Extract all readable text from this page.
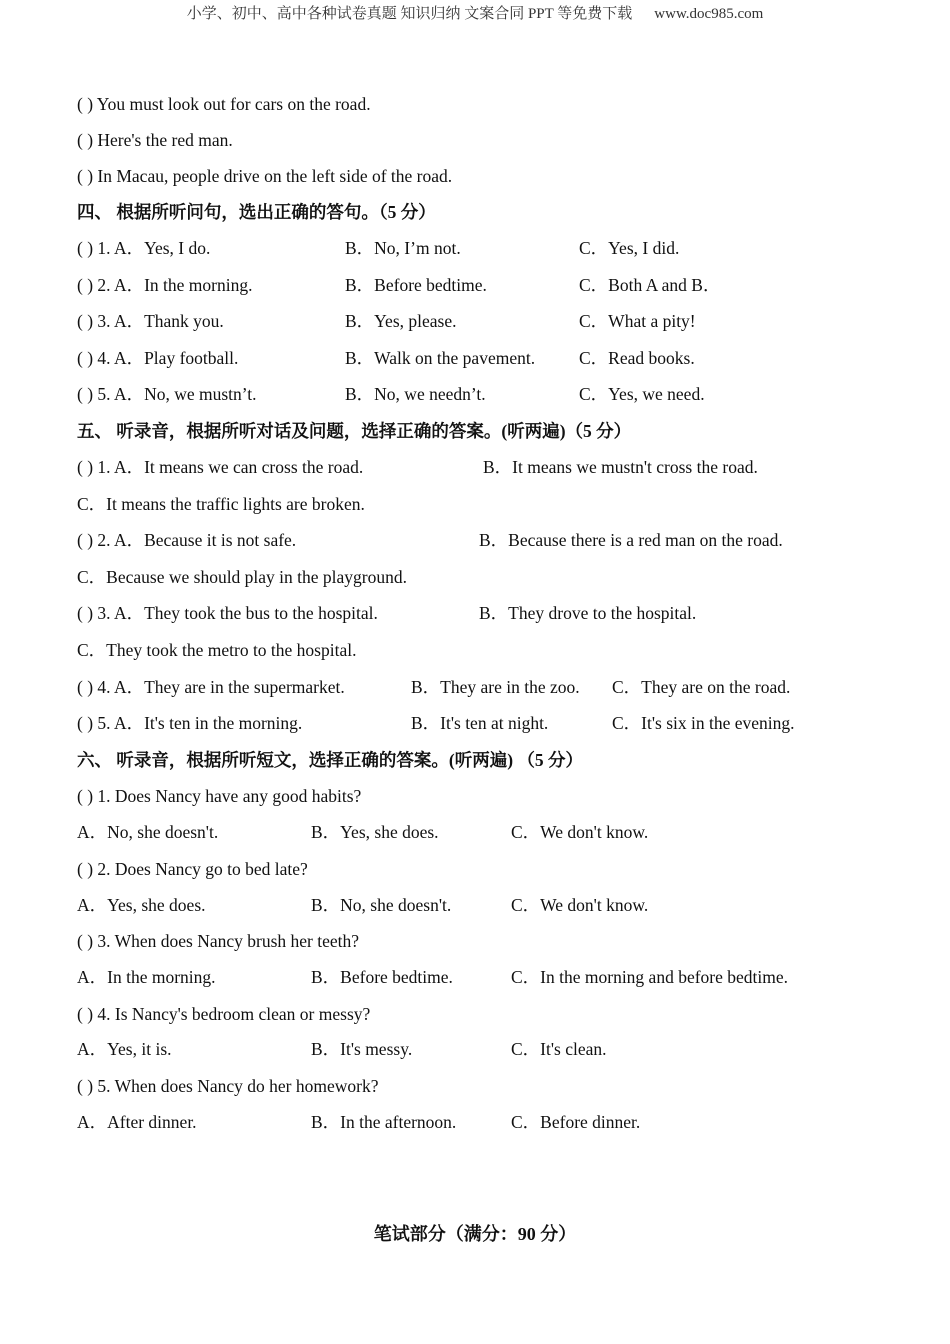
小学、初中、高中各种试卷真题 知识归纳 文案合同 PPT 等免费下载 www.doc985.com
( ) You must look out for cars on the road.
( ) Here's the red man.
( ) In Macau, people drive on the left side of the road.
四、 根据所听问句，选出正确的答句。（5 分）
( ) 1. A．Yes, I do.	B．No, I’m not.	C．Yes, I did.
( ) 2. A．In the morning.	B．Before bedtime.	C．Both A and B．
( ) 3. A．Thank you.	B．Yes, please.	C．What a pity!
( ) 4. A．Play football.	B．Walk on the pavement.	C．Read books.
( ) 5. A．No, we mustn’t.	B．No, we needn’t.	C．Yes, we need.
五、 听录音，根据所听对话及问题，选择正确的答案。(听两遍)（5 分）
( ) 1. A．It means we can cross the road.	B．It means we mustn't cross the road.
C．It means the traffic lights are broken.
( ) 2. A．Because it is not safe.	B．Because there is a red man on the road.
C．Because we should play in the playground.
( ) 3. A．They took the bus to the hospital.	B．They drove to the hospital.
C．They took the metro to the hospital.
( ) 4. A．They are in the supermarket.	B．They are in the zoo. C．They are on the road.
( ) 5. A．It's ten in the morning.	B．It's ten at night.	C．It's six in the evening.
六、 听录音，根据所听短文，选择正确的答案。(听两遍) （5 分）
( ) 1. Does Nancy have any good habits?
A．No, she doesn't.	B．Yes, she does.	C．We don't know.
( ) 2. Does Nancy go to bed late?
A．Yes, she does.	B．No, she doesn't.	C．We don't know.
( ) 3. When does Nancy brush her teeth?
A．In the morning.	B．Before bedtime.	C．In the morning and before bedtime.
( ) 4. Is Nancy's bedroom clean or messy?
A．Yes, it is.	B．It's messy.	C．It's clean.
( ) 5. When does Nancy do her homework?
A．After dinner.	B．In the afternoon.	C．Before dinner.
笔试部分（满分：90 分）
